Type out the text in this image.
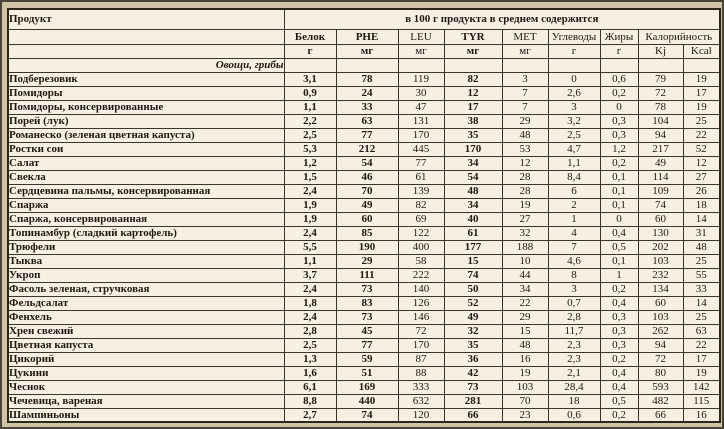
Продукт	в 100 г продукта в среднем содержится								
	Белок	PHE	LEU	TYR	MET	Углеводы	Жиры	Калорийность	
	г	мг	мг	мг	мг	г	г	Kj	Kcal
Овощи, грибы									
Подберезовик	3,1	78	119	82	3	0	0,6	79	19
Помидоры	0,9	24	30	12	7	2,6	0,2	72	17
Помидоры, консервированные	1,1	33	47	17	7	3	0	78	19
Порей (лук)	2,2	63	131	38	29	3,2	0,3	104	25
Романеско (зеленая цветная капуста)	2,5	77	170	35	48	2,5	0,3	94	22
Ростки сои	5,3	212	445	170	53	4,7	1,2	217	52
Салат	1,2	54	77	34	12	1,1	0,2	49	12
Свекла	1,5	46	61	54	28	8,4	0,1	114	27
Сердцевина пальмы, консервированная	2,4	70	139	48	28	6	0,1	109	26
Спаржа	1,9	49	82	34	19	2	0,1	74	18
Спаржа, консервированная	1,9	60	69	40	27	1	0	60	14
Топинамбур (сладкий картофель)	2,4	85	122	61	32	4	0,4	130	31
Трюфели	5,5	190	400	177	188	7	0,5	202	48
Тыква	1,1	29	58	15	10	4,6	0,1	103	25
Укроп	3,7	111	222	74	44	8	1	232	55
Фасоль зеленая, стручковая	2,4	73	140	50	34	3	0,2	134	33
Фельдсалат	1,8	83	126	52	22	0,7	0,4	60	14
Фенхель	2,4	73	146	49	29	2,8	0,3	103	25
Хрен свежий	2,8	45	72	32	15	11,7	0,3	262	63
Цветная капуста	2,5	77	170	35	48	2,3	0,3	94	22
Цикорий	1,3	59	87	36	16	2,3	0,2	72	17
Цукини	1,6	51	88	42	19	2,1	0,4	80	19
Чеснок	6,1	169	333	73	103	28,4	0,4	593	142
Чечевица, вареная	8,8	440	632	281	70	18	0,5	482	115
Шампиньоны	2,7	74	120	66	23	0,6	0,2	66	16
